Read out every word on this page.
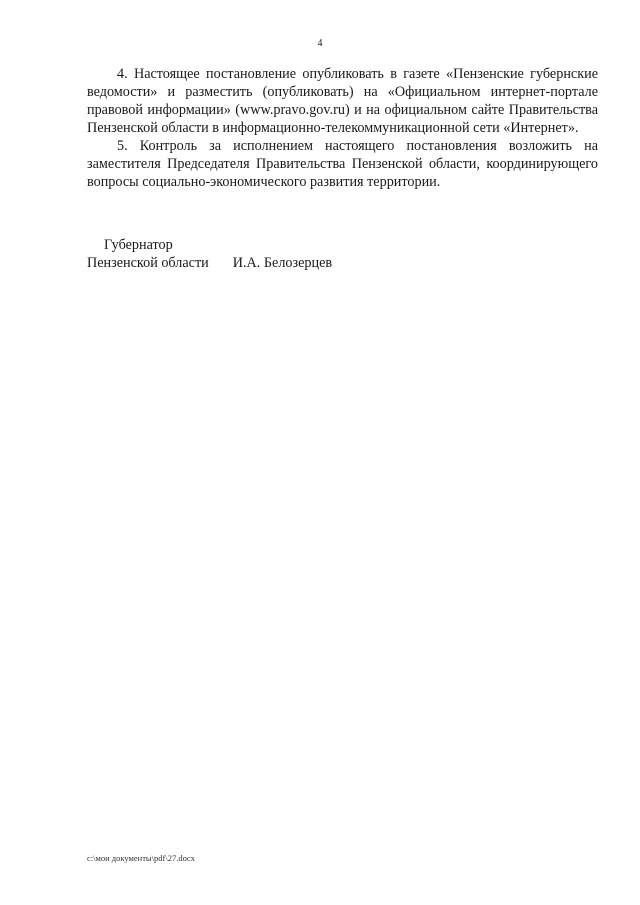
4

4. Настоящее постановление опубликовать в газете «Пензенские губернские ведомости» и разместить (опубликовать) на «Официальном интернет-портале правовой информации» (www.pravo.gov.ru) и на официальном сайте Правительства Пензенской области в информационно-телекоммуникационной сети «Интернет».

5. Контроль за исполнением настоящего постановления возложить на заместителя Председателя Правительства Пензенской области, координирующего вопросы социально-экономического развития территории.

Губернатор

Пензенской области И.А. Белозерцев

c:\мои документы\pdf\27.docx
